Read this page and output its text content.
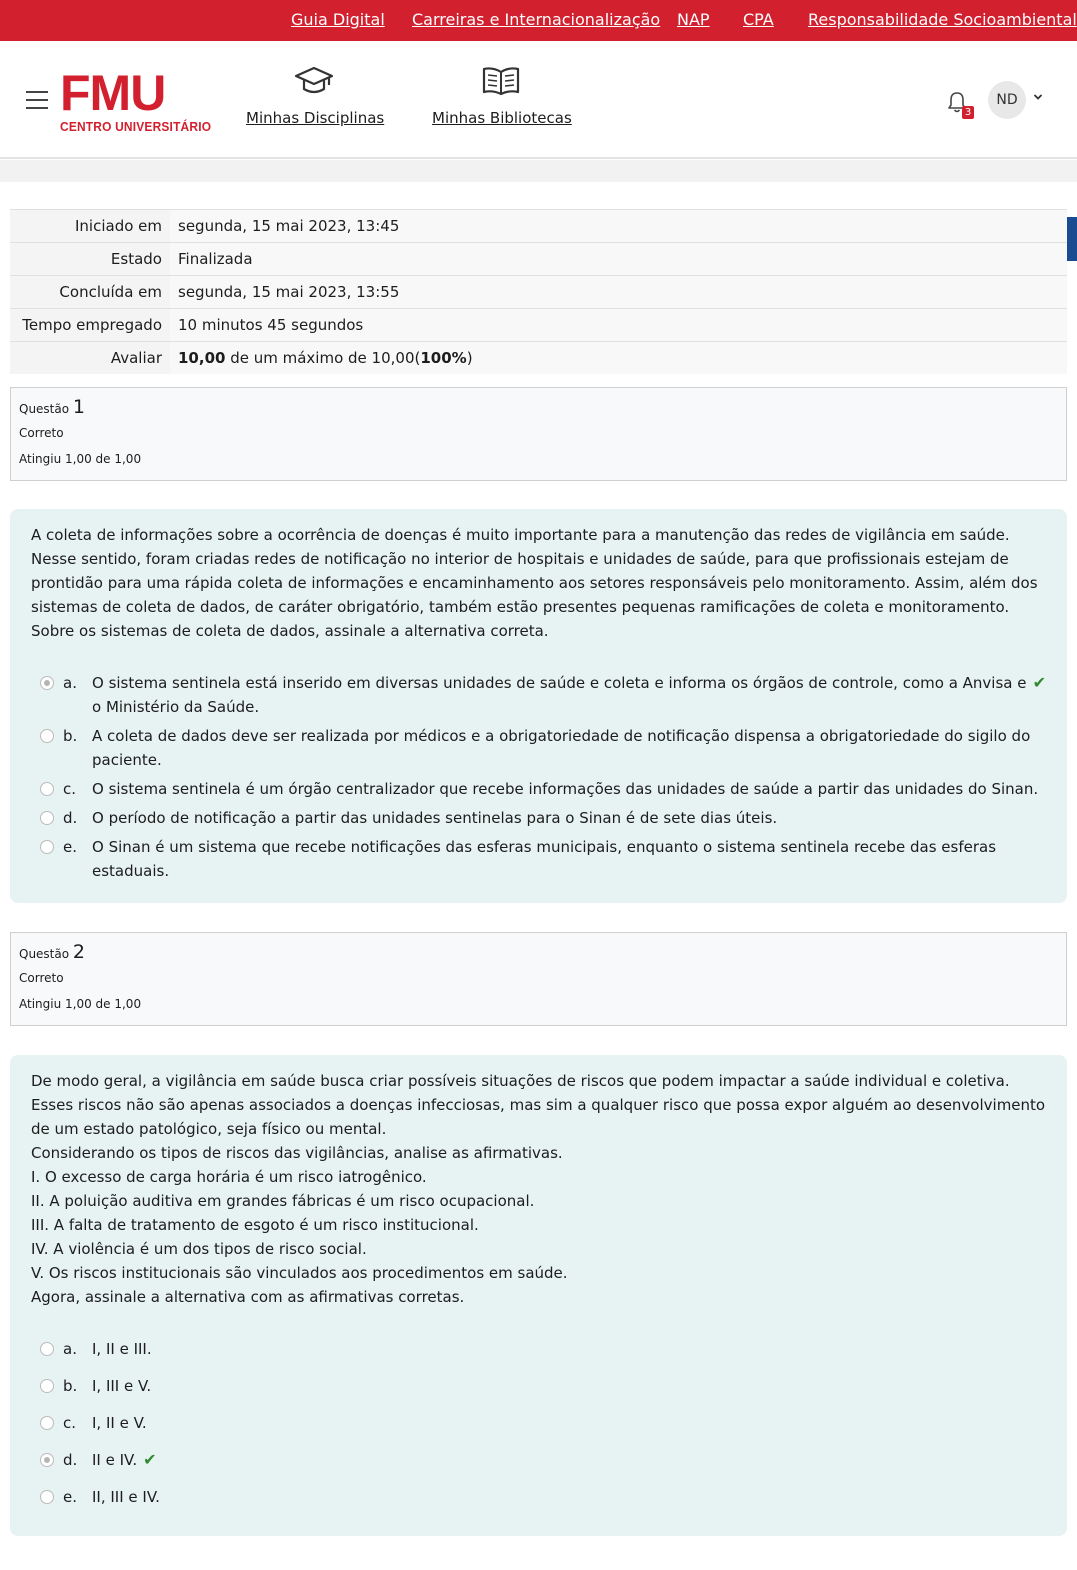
Guia Digital Carreiras e Internacionalização NAP CPA Responsabilidade Socioambiental
FMU
CENTRO UNIVERSITÁRIO Minhas Disciplinas	Minhas Bibliotecas	3
ND
Iniciado em	segunda, 15 mai 2023, 13:45
Estado	Finalizada
Concluída em	segunda, 15 mai 2023, 13:55
Tempo empregado	10 minutos 45 segundos
Avaliar	10,00 de um máximo de 10,00(100%)
Questão 1
Correto
Atingiu 1,00 de 1,00

A coleta de informações sobre a ocorrência de doenças é muito importante para a manutenção das redes de vigilância em saúde. Nesse sentido, foram criadas redes de notificação no interior de hospitais e unidades de saúde, para que profissionais estejam de prontidão para uma rápida coleta de informações e encaminhamento aos setores responsáveis pelo monitoramento. Assim, além dos sistemas de coleta de dados, de caráter obrigatório, também estão presentes pequenas ramificações de coleta e monitoramento. Sobre os sistemas de coleta de dados, assinale a alternativa correta.

a.	O sistema sentinela está inserido em diversas unidades de saúde e coleta e informa os órgãos de controle, como a Anvisa e o Ministério da Saúde.
✔
b. A coleta de dados deve ser realizada por médicos e a obrigatoriedade de notificação dispensa a obrigatoriedade do sigilo do paciente.
c.	O sistema sentinela é um órgão centralizador que recebe informações das unidades de saúde a partir das unidades do Sinan.
d. O período de notificação a partir das unidades sentinelas para o Sinan é de sete dias úteis.
e.	O Sinan é um sistema que recebe notificações das esferas municipais, enquanto o sistema sentinela recebe das esferas estaduais.
Questão 2
Correto
Atingiu 1,00 de 1,00

De modo geral, a vigilância em saúde busca criar possíveis situações de riscos que podem impactar a saúde individual e coletiva. Esses riscos não são apenas associados a doenças infecciosas, mas sim a qualquer risco que possa expor alguém ao desenvolvimento de um estado patológico, seja físico ou mental.

Considerando os tipos de riscos das vigilâncias, analise as afirmativas.

I. O excesso de carga horária é um risco iatrogênico.

II. A poluição auditiva em grandes fábricas é um risco ocupacional.

III. A falta de tratamento de esgoto é um risco institucional.

IV. A violência é um dos tipos de risco social.

V. Os riscos institucionais são vinculados aos procedimentos em saúde.

Agora, assinale a alternativa com as afirmativas corretas.

a.	I, II e III.
b. I, III e V.
c.	I, II e V.
d. II e IV. ✔
e.	II, III e IV.
